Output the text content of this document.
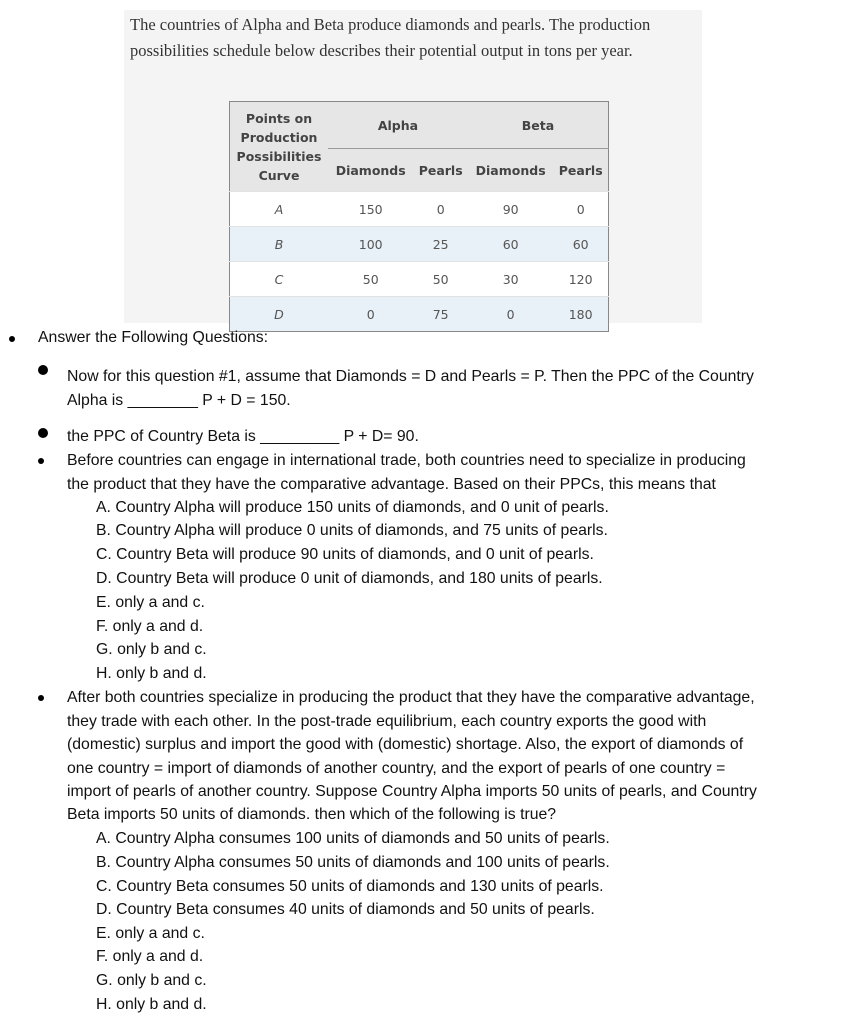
The countries of Alpha and Beta produce diamonds and pearls. The production possibilities schedule below describes their potential output in tons per year.
Points on Production Possibilities Curve	Alpha		Beta	
	Diamonds	Pearls	Diamonds	Pearls
A	150	0	90	0
B	100	25	60	60
C	50	50	30	120
D	0	75	0	180
Answer the Following Questions:
Now for this question #1, assume that Diamonds = D and Pearls = P. Then the PPC of the Country
Alpha is ________ P + D = 150.
the PPC of Country Beta is _________ P + D= 90.
Before countries can engage in international trade, both countries need to specialize in producing
the product that they have the comparative advantage. Based on their PPCs, this means that
A. Country Alpha will produce 150 units of diamonds, and 0 unit of pearls.
B. Country Alpha will produce 0 units of diamonds, and 75 units of pearls.
C. Country Beta will produce 90 units of diamonds, and 0 unit of pearls.
D. Country Beta will produce 0 unit of diamonds, and 180 units of pearls.
E. only a and c.
F. only a and d.
G. only b and c.
H. only b and d.
After both countries specialize in producing the product that they have the comparative advantage,
they trade with each other. In the post-trade equilibrium, each country exports the good with
(domestic) surplus and import the good with (domestic) shortage. Also, the export of diamonds of
one country = import of diamonds of another country, and the export of pearls of one country =
import of pearls of another country. Suppose Country Alpha imports 50 units of pearls, and Country
Beta imports 50 units of diamonds. then which of the following is true?
A. Country Alpha consumes 100 units of diamonds and 50 units of pearls.
B. Country Alpha consumes 50 units of diamonds and 100 units of pearls.
C. Country Beta consumes 50 units of diamonds and 130 units of pearls.
D. Country Beta consumes 40 units of diamonds and 50 units of pearls.
E. only a and c.
F. only a and d.
G. only b and c.
H. only b and d.
